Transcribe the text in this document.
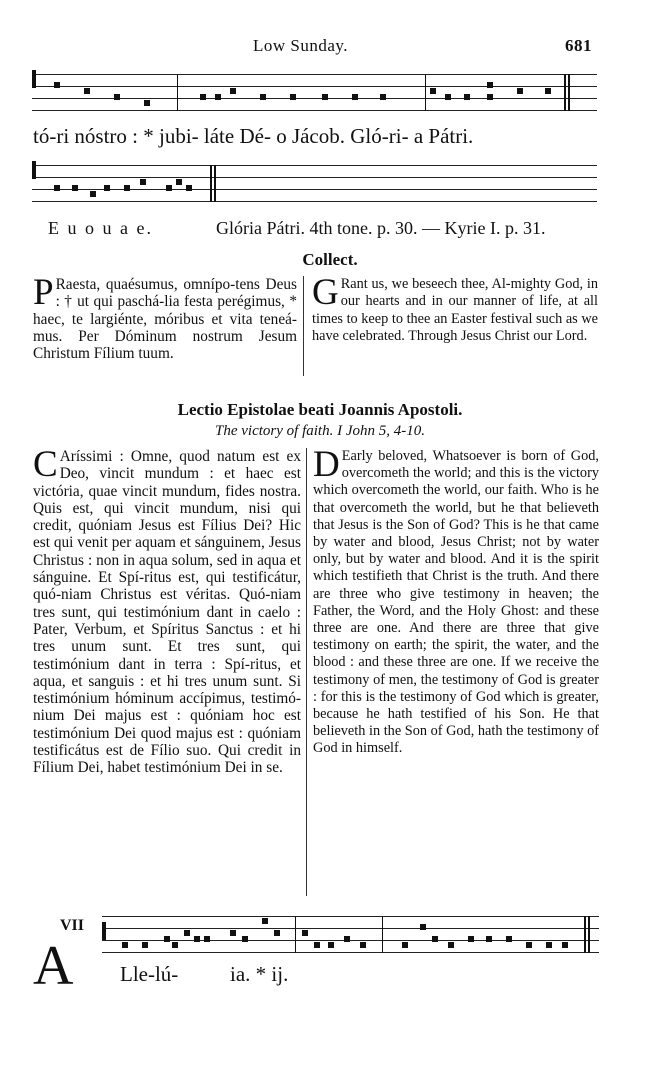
Low Sunday.	681
tó-ri nóstro : * jubi- láte Dé- o Jácob. Gló-ri- a Pátri.
E u o u a e.	Glória Pátri. 4th tone. p. 30. — Kyrie I. p. 31.
Collect.
P Raesta, quaésumus, omnípo-tens Deus : † ut qui paschá-lia festa perégimus, * haec, te largiénte, móribus et vita teneá-mus. Per Dóminum nostrum Jesum Christum Fílium tuum.
G Rant us, we beseech thee, Al-mighty God, in our hearts and in our manner of life, at all times to keep to thee an Easter festival such as we have celebrated. Through Jesus Christ our Lord.
Lectio Epistolae beati Joannis Apostoli.
The victory of faith. I John 5, 4-10.
C Aríssimi : Omne, quod natum est ex Deo, vincit mundum : et haec est victória, quae vincit mundum, fides nostra. Quis est, qui vincit mundum, nisi qui credit, quóniam Jesus est Fílius Dei? Hic est qui venit per aquam et sánguinem, Jesus Christus : non in aqua solum, sed in aqua et sánguine. Et Spí-ritus est, qui testificátur, quó-niam Christus est véritas. Quó-niam tres sunt, qui testimónium dant in caelo : Pater, Verbum, et Spíritus Sanctus : et hi tres unum sunt. Et tres sunt, qui testimónium dant in terra : Spí-ritus, et aqua, et sanguis : et hi tres unum sunt. Si testimónium hóminum accípimus, testimó-nium Dei majus est : quóniam hoc est testimónium Dei quod majus est : quóniam testificátus est de Fílio suo. Qui credit in Fílium Dei, habet testimónium Dei in se.
D Early beloved, Whatsoever is born of God, overcometh the world; and this is the victory which overcometh the world, our faith. Who is he that overcometh the world, but he that believeth that Jesus is the Son of God? This is he that came by water and blood, Jesus Christ; not by water only, but by water and blood. And it is the spirit which testifieth that Christ is the truth. And there are three who give testimony in heaven; the Father, the Word, and the Holy Ghost: and these three are one. And there are three that give testimony on earth; the spirit, the water, and the blood : and these three are one. If we receive the testimony of men, the testimony of God is greater : for this is the testimony of God which is greater, because he hath testified of his Son. He that believeth in the Son of God, hath the testimony of God in himself.
VII
A Lle-lú- ia. * ij.
